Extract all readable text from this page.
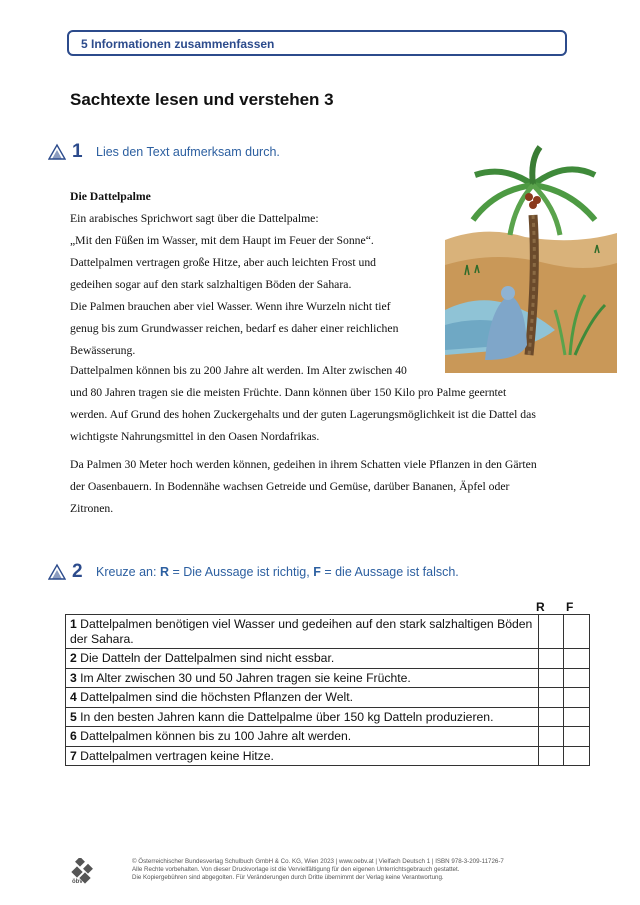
5 Informationen zusammenfassen
Sachtexte lesen und verstehen 3
1	Lies den Text aufmerksam durch.

Die Dattelpalme

Ein arabisches Sprichwort sagt über die Dattelpalme:

„Mit den Füßen im Wasser, mit dem Haupt im Feuer der Sonne“.

Dattelpalmen vertragen große Hitze, aber auch leichten Frost und

gedeihen sogar auf den stark salzhaltigen Böden der Sahara.

Die Palmen brauchen aber viel Wasser. Wenn ihre Wurzeln nicht tief

genug bis zum Grundwasser reichen, bedarf es daher einer reichlichen

Bewässerung.

Dattelpalmen können bis zu 200 Jahre alt werden. Im Alter zwischen 40

und 80 Jahren tragen sie die meisten Früchte. Dann können über 150 Kilo pro Palme geerntet

werden. Auf Grund des hohen Zuckergehalts und der guten Lagerungsmöglichkeit ist die Dattel das

wichtigste Nahrungsmittel in den Oasen Nordafrikas.

Da Palmen 30 Meter hoch werden können, gedeihen in ihrem Schatten viele Pflanzen in den Gärten

der Oasenbauern. In Bodennähe wachsen Getreide und Gemüse, darüber Bananen, Äpfel oder

Zitronen.

2	Kreuze an: R = Die Aussage ist richtig, F = die Aussage ist falsch.
R F
1 Dattelpalmen benötigen viel Wasser und gedeihen auf den stark salzhaltigen Böden der Sahara.		
2 Die Datteln der Dattelpalmen sind nicht essbar.		
3 Im Alter zwischen 30 und 50 Jahren tragen sie keine Früchte.		
4 Dattelpalmen sind die höchsten Pflanzen der Welt.		
5 In den besten Jahren kann die Dattelpalme über 150 kg Datteln produzieren.		
6 Dattelpalmen können bis zu 100 Jahre alt werden.		
7 Dattelpalmen vertragen keine Hitze.		
öbv
© Österreichischer Bundesverlag Schulbuch GmbH & Co. KG, Wien 2023 | www.oebv.at | Vielfach Deutsch 1 | ISBN 978-3-209-11726-7
Alle Rechte vorbehalten. Von dieser Druckvorlage ist die Vervielfältigung für den eigenen Unterrichtsgebrauch gestattet.
Die Kopiergebühren sind abgegolten. Für Veränderungen durch Dritte übernimmt der Verlag keine Verantwortung.
